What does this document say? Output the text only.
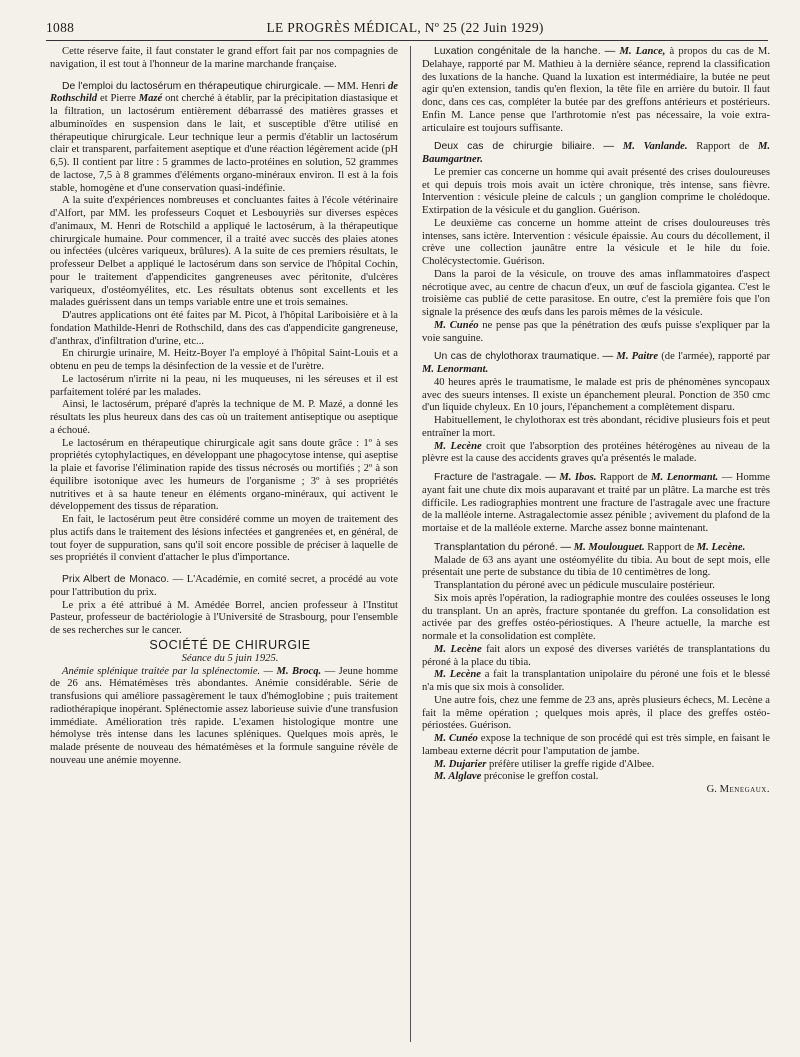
1088	LE PROGRÈS MÉDICAL, Nº 25 (22 Juin 1929)

Cette réserve faite, il faut constater le grand effort fait par nos compagnies de navigation, il est tout à l'honneur de la marine marchande française.

De l'emploi du lactosérum en thérapeutique chirurgicale. — MM. Henri de Rothschild et Pierre Mazé ont cherché à établir, par la précipitation diastasique et la filtration, un lactosérum entièrement débarrassé des matières grasses et albuminoïdes en suspension dans le lait, et susceptible d'être utilisé en thérapeutique chirurgicale. Leur technique leur a permis d'établir un lactosérum clair et transparent, parfaitement aseptique et d'une réaction légèrement acide (pH 6,5). Il contient par litre : 5 grammes de lacto-protéines en solution, 52 grammes de lactose, 7,5 à 8 grammes d'éléments organo-minéraux environ. Il est à la fois stable, homogène et d'une conservation quasi-indéfinie.

A la suite d'expériences nombreuses et concluantes faites à l'école vétérinaire d'Alfort, par MM. les professeurs Coquet et Lesbouyriès sur diverses espèces d'animaux, M. Henri de Rotschild a appliqué le lactosérum, à la thérapeutique chirurgicale humaine. Pour commencer, il a traité avec succès des plaies atones ou infectées (ulcères variqueux, brûlures). A la suite de ces premiers résultats, le professeur Delbet a appliqué le lactosérum dans son service de l'hôpital Cochin, pour le traitement d'appendicites gangreneuses avec péritonite, d'ulcères variqueux, d'ostéomyélites, etc. Les résultats obtenus sont excellents et les malades guérissent dans un temps variable entre une et trois semaines.

D'autres applications ont été faites par M. Picot, à l'hôpital Lariboisière et à la fondation Mathilde-Henri de Rothschild, dans des cas d'appendicite gangreneuse, d'anthrax, d'infiltration d'urine, etc...

En chirurgie urinaire, M. Heitz-Boyer l'a employé à l'hôpital Saint-Louis et a obtenu en peu de temps la désinfection de la vessie et de l'urètre.

Le lactosérum n'irrite ni la peau, ni les muqueuses, ni les séreuses et il est parfaitement toléré par les malades.

Ainsi, le lactosérum, préparé d'après la technique de M. P. Mazé, a donné les résultats les plus heureux dans des cas où un traitement antiseptique ou aseptique a échoué.

Le lactosérum en thérapeutique chirurgicale agit sans doute grâce : 1º à ses propriétés cytophylactiques, en développant une phagocytose intense, qui aseptise la plaie et favorise l'élimination rapide des tissus nécrosés ou mortifiés ; 2º à son équilibre isotonique avec les humeurs de l'organisme ; 3º à ses propriétés nutritives et à sa haute teneur en éléments organo-minéraux, qui activent le développement des tissus de réparation.

En fait, le lactosérum peut être considéré comme un moyen de traitement des plus actifs dans le traitement des lésions infectées et gangrenées et, en général, de tout foyer de suppuration, sans qu'il soit encore possible de préciser à laquelle de ses propriétés il convient d'attacher le plus d'importance.

Prix Albert de Monaco. — L'Académie, en comité secret, a procédé au vote pour l'attribution du prix.

Le prix a été attribué à M. Amédée Borrel, ancien professeur à l'Institut Pasteur, professeur de bactériologie à l'Université de Strasbourg, pour l'ensemble de ses recherches sur le cancer.

SOCIÉTÉ DE CHIRURGIE

Séance du 5 juin 1925.

Anémie splénique traitée par la splénectomie. — M. Brocq. — Jeune homme de 26 ans. Hématémèses très abondantes. Anémie considérable. Série de transfusions qui améliore passagèrement le taux d'hémoglobine ; puis traitement radiothérapique inopérant. Splénectomie assez laborieuse suivie d'une transfusion immédiate. Amélioration très rapide. L'examen histologique montre une hémolyse très intense dans les lacunes spléniques. Quelques mois après, le malade présente de nouveau des hématémèses et la formule sanguine révèle de nouveau une anémie moyenne.

Luxation congénitale de la hanche. — M. Lance, à propos du cas de M. Delahaye, rapporté par M. Mathieu à la dernière séance, reprend la classification des luxations de la hanche. Quand la luxation est intermédiaire, la butée ne peut agir qu'en extension, tandis qu'en flexion, la tête file en arrière du butoir. Il faut donc, dans ces cas, compléter la butée par des greffons antérieurs et postérieurs. Enfin M. Lance pense que l'arthrotomie n'est pas nécessaire, la voie extra-articulaire est toujours suffisante.

Deux cas de chirurgie biliaire. — M. Vanlande. Rapport de M. Baumgartner.

Le premier cas concerne un homme qui avait présenté des crises douloureuses et qui depuis trois mois avait un ictère chronique, très intense, sans fièvre. Intervention : vésicule pleine de calculs ; un ganglion comprime le cholédoque. Extirpation de la vésicule et du ganglion. Guérison.

Le deuxième cas concerne un homme atteint de crises douloureuses très intenses, sans ictère. Intervention : vésicule épaissie. Au cours du décollement, il crève une collection jaunâtre entre la vésicule et le hile du foie. Cholécystectomie. Guérison.

Dans la paroi de la vésicule, on trouve des amas inflammatoires d'aspect nécrotique avec, au centre de chacun d'eux, un œuf de fasciola gigantea. C'est le troisième cas publié de cette parasitose. En outre, c'est la première fois que l'on signale la présence des œufs dans les parois mêmes de la vésicule.

M. Cunéo ne pense pas que la pénétration des œufs puisse s'expliquer par la voie sanguine.

Un cas de chylothorax traumatique. — M. Paitre (de l'armée), rapporté par M. Lenormant.

40 heures après le traumatisme, le malade est pris de phénomènes syncopaux avec des sueurs intenses. Il existe un épanchement pleural. Ponction de 350 cmc d'un liquide chyleux. En 10 jours, l'épanchement a complètement disparu.

Habituellement, le chylothorax est très abondant, récidive plusieurs fois et peut entraîner la mort.

M. Lecène croit que l'absorption des protéines hétérogènes au niveau de la plèvre est la cause des accidents graves qu'a présentés le malade.

Fracture de l'astragale. — M. Ibos. Rapport de M. Lenormant. — Homme ayant fait une chute dix mois auparavant et traité par un plâtre. La marche est très difficile. Les radiographies montrent une fracture de l'astragale avec une fracture de la malléole interne. Astragalectomie assez pénible ; avivement du plafond de la mortaise et de la malléole externe. Marche assez bonne maintenant.

Transplantation du péroné. — M. Moulouguet. Rapport de M. Lecène.

Malade de 63 ans ayant une ostéomyélite du tibia. Au bout de sept mois, elle présentait une perte de substance du tibia de 10 centimètres de long.

Transplantation du péroné avec un pédicule musculaire postérieur.

Six mois après l'opération, la radiographie montre des coulées osseuses le long du transplant. Un an après, fracture spontanée du greffon. La consolidation est activée par des greffes ostéo-périostiques. A l'heure actuelle, la marche est normale et la consolidation est complète.

M. Lecène fait alors un exposé des diverses variétés de transplantations du péroné à la place du tibia.

M. Lecène a fait la transplantation unipolaire du péroné une fois et le blessé n'a mis que six mois à consolider.

Une autre fois, chez une femme de 23 ans, après plusieurs échecs, M. Lecène a fait la même opération ; quelques mois après, il place des greffes ostéo-périostées. Guérison.

M. Cunéo expose la technique de son procédé qui est très simple, en faisant le lambeau externe décrit pour l'amputation de jambe.

M. Dujarier préfère utiliser la greffe rigide d'Albee.

M. Alglave préconise le greffon costal.

G. Menegaux.
